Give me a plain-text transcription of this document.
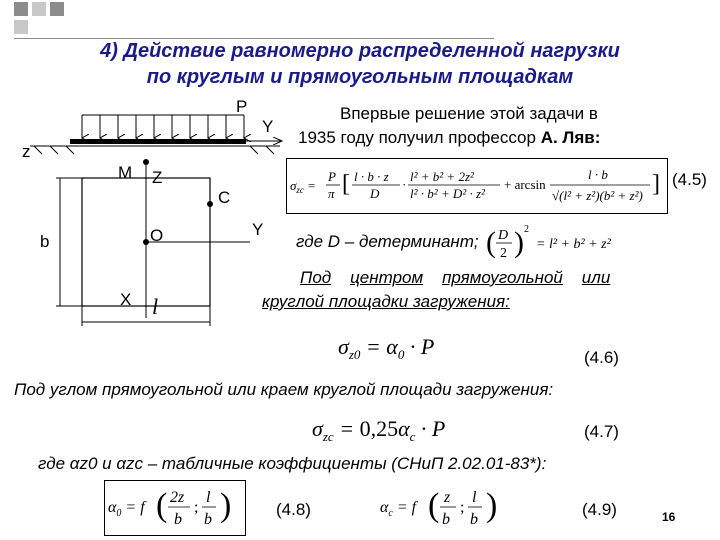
4) Действие равномерно распределенной нагрузки
по круглым и прямоугольным площадкам
P
Y
z
M Z
C
Y
O
b
X l
Впервые решение этой задачи в
1935 году получил профессор А. Ляв:
$\sigma_{zc}$ =
P
π [ l · b · z
D
·
l² + b² + 2z²
l² · b² + D² · z²
+ arcsin
l · b
√(l² + z²)(b² + z²) ] (4.5)
где D – детерминант; ( D
2 ) 2
= l² + b² + z²
Под центром прямоугольной или
круглой площадки загружения:
$\sigma_{z0} = \alpha_0 \cdot P$	(4.6)
Под углом прямоугольной или краем круглой площади загружения:
$\sigma_{zc} = 0,25\alpha_c \cdot P$	(4.7)
где αz0 и αzc – табличные коэффициенты (СНиП 2.02.01-83*):
$\alpha_0 = f$ ( 2z
b
;
l
b )	(4.8)	$\alpha_c = f$ ( z
b
;
l
b )	(4.9)	16
